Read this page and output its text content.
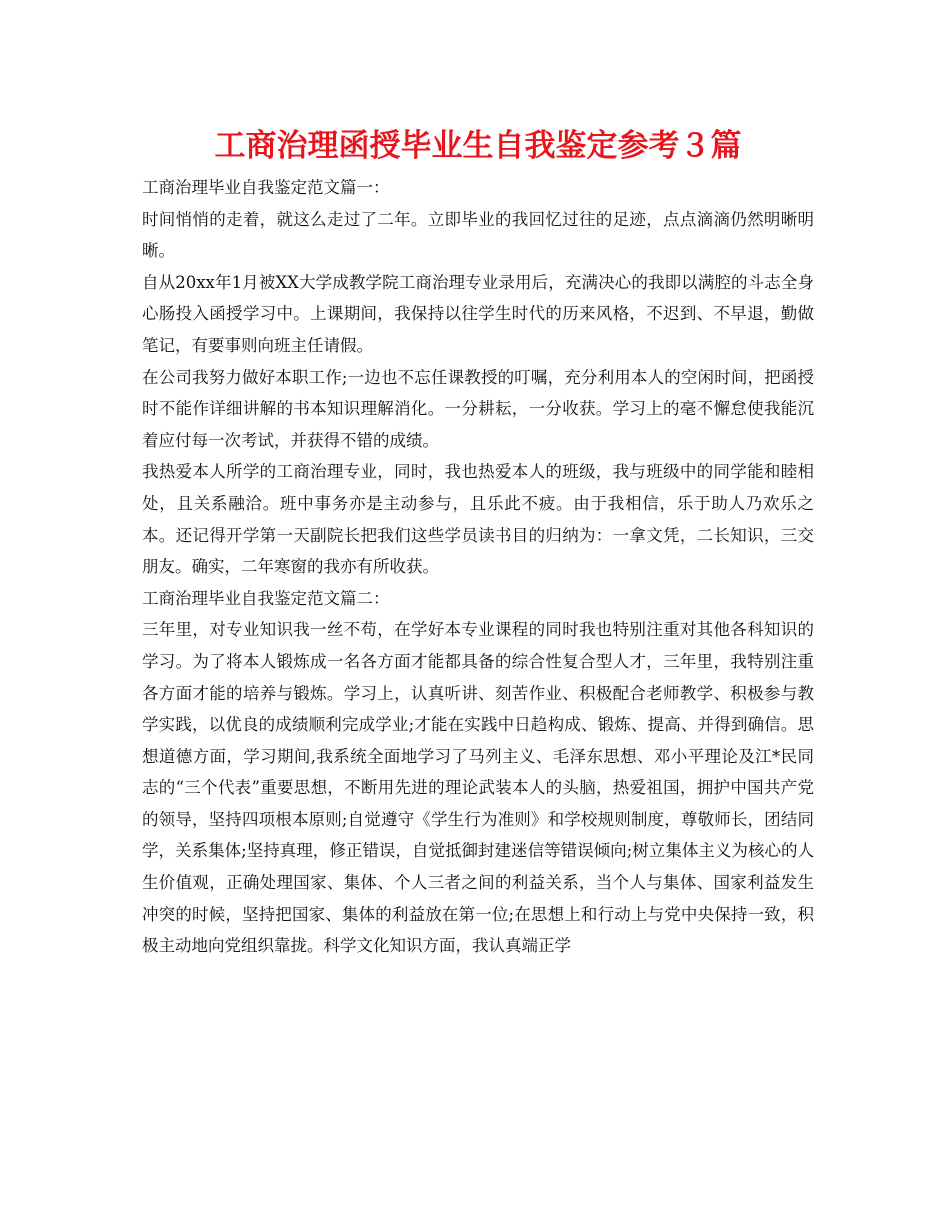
工商治理函授毕业生自我鉴定参考３篇

工商治理毕业自我鉴定范文篇一：

时间悄悄的走着，就这么走过了二年。立即毕业的我回忆过往的足迹，点点滴滴仍然明晰明晰。

自从20xx年1月被XX大学成教学院工商治理专业录用后，充满决心的我即以满腔的斗志全身心肠投入函授学习中。上课期间，我保持以往学生时代的历来风格，不迟到、不早退，勤做笔记，有要事则向班主任请假。

在公司我努力做好本职工作;一边也不忘任课教授的叮嘱，充分利用本人的空闲时间，把函授时不能作详细讲解的书本知识理解消化。一分耕耘，一分收获。学习上的毫不懈怠使我能沉着应付每一次考试，并获得不错的成绩。

我热爱本人所学的工商治理专业，同时，我也热爱本人的班级，我与班级中的同学能和睦相处，且关系融洽。班中事务亦是主动参与，且乐此不疲。由于我相信，乐于助人乃欢乐之本。还记得开学第一天副院长把我们这些学员读书目的归纳为：一拿文凭，二长知识，三交朋友。确实，二年寒窗的我亦有所收获。

工商治理毕业自我鉴定范文篇二：

三年里，对专业知识我一丝不苟，在学好本专业课程的同时我也特别注重对其他各科知识的学习。为了将本人锻炼成一名各方面才能都具备的综合性复合型人才，三年里，我特别注重各方面才能的培养与锻炼。学习上，认真听讲、刻苦作业、积极配合老师教学、积极参与教学实践，以优良的成绩顺利完成学业;才能在实践中日趋构成、锻炼、提高、并得到确信。思想道德方面，学习期间,我系统全面地学习了马列主义、毛泽东思想、邓小平理论及江*民同志的“三个代表”重要思想，不断用先进的理论武装本人的头脑，热爱祖国，拥护中国共产党的领导，坚持四项根本原则;自觉遵守《学生行为准则》和学校规则制度，尊敬师长，团结同学，关系集体;坚持真理，修正错误，自觉抵御封建迷信等错误倾向;树立集体主义为核心的人生价值观，正确处理国家、集体、个人三者之间的利益关系，当个人与集体、国家利益发生冲突的时候，坚持把国家、集体的利益放在第一位;在思想上和行动上与党中央保持一致，积极主动地向党组织靠拢。科学文化知识方面，我认真端正学
